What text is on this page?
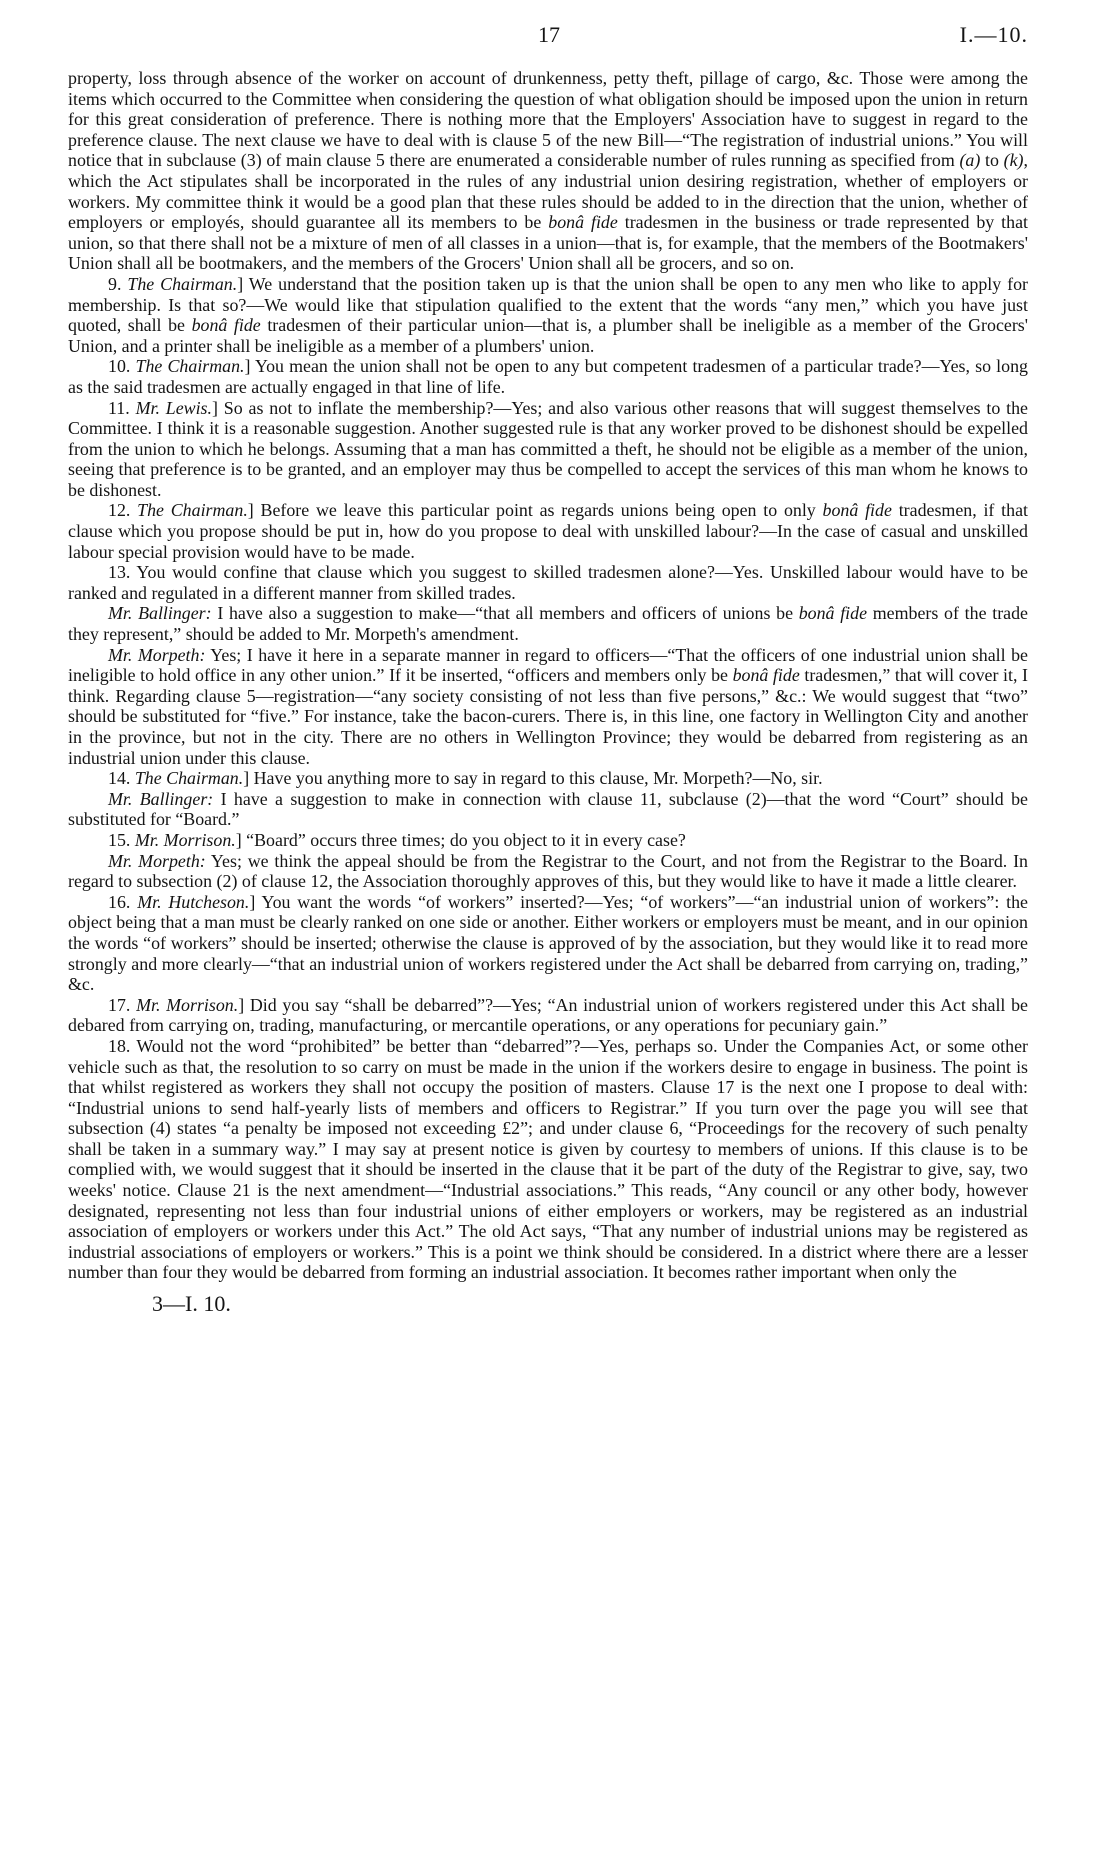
17	I.—10.

property, loss through absence of the worker on account of drunkenness, petty theft, pillage of cargo, &c. Those were among the items which occurred to the Committee when considering the question of what obligation should be imposed upon the union in return for this great consideration of preference. There is nothing more that the Employers' Association have to suggest in regard to the preference clause. The next clause we have to deal with is clause 5 of the new Bill—“The registration of industrial unions.” You will notice that in subclause (3) of main clause 5 there are enumerated a considerable number of rules running as specified from (a) to (k), which the Act stipulates shall be incorporated in the rules of any industrial union desiring registration, whether of employers or workers. My committee think it would be a good plan that these rules should be added to in the direction that the union, whether of employers or employés, should guarantee all its members to be bonâ fide tradesmen in the business or trade represented by that union, so that there shall not be a mixture of men of all classes in a union—that is, for example, that the members of the Bootmakers' Union shall all be bootmakers, and the members of the Grocers' Union shall all be grocers, and so on.

9. The Chairman.] We understand that the position taken up is that the union shall be open to any men who like to apply for membership. Is that so?—We would like that stipulation qualified to the extent that the words “any men,” which you have just quoted, shall be bonâ fide tradesmen of their particular union—that is, a plumber shall be ineligible as a member of the Grocers' Union, and a printer shall be ineligible as a member of a plumbers' union.

10. The Chairman.] You mean the union shall not be open to any but competent tradesmen of a particular trade?—Yes, so long as the said tradesmen are actually engaged in that line of life.

11. Mr. Lewis.] So as not to inflate the membership?—Yes; and also various other reasons that will suggest themselves to the Committee. I think it is a reasonable suggestion. Another suggested rule is that any worker proved to be dishonest should be expelled from the union to which he belongs. Assuming that a man has committed a theft, he should not be eligible as a member of the union, seeing that preference is to be granted, and an employer may thus be compelled to accept the services of this man whom he knows to be dishonest.

12. The Chairman.] Before we leave this particular point as regards unions being open to only bonâ fide tradesmen, if that clause which you propose should be put in, how do you propose to deal with unskilled labour?—In the case of casual and unskilled labour special provision would have to be made.

13. You would confine that clause which you suggest to skilled tradesmen alone?—Yes. Unskilled labour would have to be ranked and regulated in a different manner from skilled trades.

Mr. Ballinger: I have also a suggestion to make—“that all members and officers of unions be bonâ fide members of the trade they represent,” should be added to Mr. Morpeth's amendment.

Mr. Morpeth: Yes; I have it here in a separate manner in regard to officers—“That the officers of one industrial union shall be ineligible to hold office in any other union.” If it be inserted, “officers and members only be bonâ fide tradesmen,” that will cover it, I think. Regarding clause 5—registration—“any society consisting of not less than five persons,” &c.: We would suggest that “two” should be substituted for “five.” For instance, take the bacon-curers. There is, in this line, one factory in Wellington City and another in the province, but not in the city. There are no others in Wellington Province; they would be debarred from registering as an industrial union under this clause.

14. The Chairman.] Have you anything more to say in regard to this clause, Mr. Morpeth?—No, sir.

Mr. Ballinger: I have a suggestion to make in connection with clause 11, subclause (2)—that the word “Court” should be substituted for “Board.”

15. Mr. Morrison.] “Board” occurs three times; do you object to it in every case?

Mr. Morpeth: Yes; we think the appeal should be from the Registrar to the Court, and not from the Registrar to the Board. In regard to subsection (2) of clause 12, the Association thoroughly approves of this, but they would like to have it made a little clearer.

16. Mr. Hutcheson.] You want the words “of workers” inserted?—Yes; “of workers”—“an industrial union of workers”: the object being that a man must be clearly ranked on one side or another. Either workers or employers must be meant, and in our opinion the words “of workers” should be inserted; otherwise the clause is approved of by the association, but they would like it to read more strongly and more clearly—“that an industrial union of workers registered under the Act shall be debarred from carrying on, trading,” &c.

17. Mr. Morrison.] Did you say “shall be debarred”?—Yes; “An industrial union of workers registered under this Act shall be debared from carrying on, trading, manufacturing, or mercantile operations, or any operations for pecuniary gain.”

18. Would not the word “prohibited” be better than “debarred”?—Yes, perhaps so. Under the Companies Act, or some other vehicle such as that, the resolution to so carry on must be made in the union if the workers desire to engage in business. The point is that whilst registered as workers they shall not occupy the position of masters. Clause 17 is the next one I propose to deal with: “Industrial unions to send half-yearly lists of members and officers to Registrar.” If you turn over the page you will see that subsection (4) states “a penalty be imposed not exceeding £2”; and under clause 6, “Proceedings for the recovery of such penalty shall be taken in a summary way.” I may say at present notice is given by courtesy to members of unions. If this clause is to be complied with, we would suggest that it should be inserted in the clause that it be part of the duty of the Registrar to give, say, two weeks' notice. Clause 21 is the next amendment—“Industrial associations.” This reads, “Any council or any other body, however designated, representing not less than four industrial unions of either employers or workers, may be registered as an industrial association of employers or workers under this Act.” The old Act says, “That any number of industrial unions may be registered as industrial associations of employers or workers.” This is a point we think should be considered. In a district where there are a lesser number than four they would be debarred from forming an industrial association. It becomes rather important when only the

3—I. 10.
